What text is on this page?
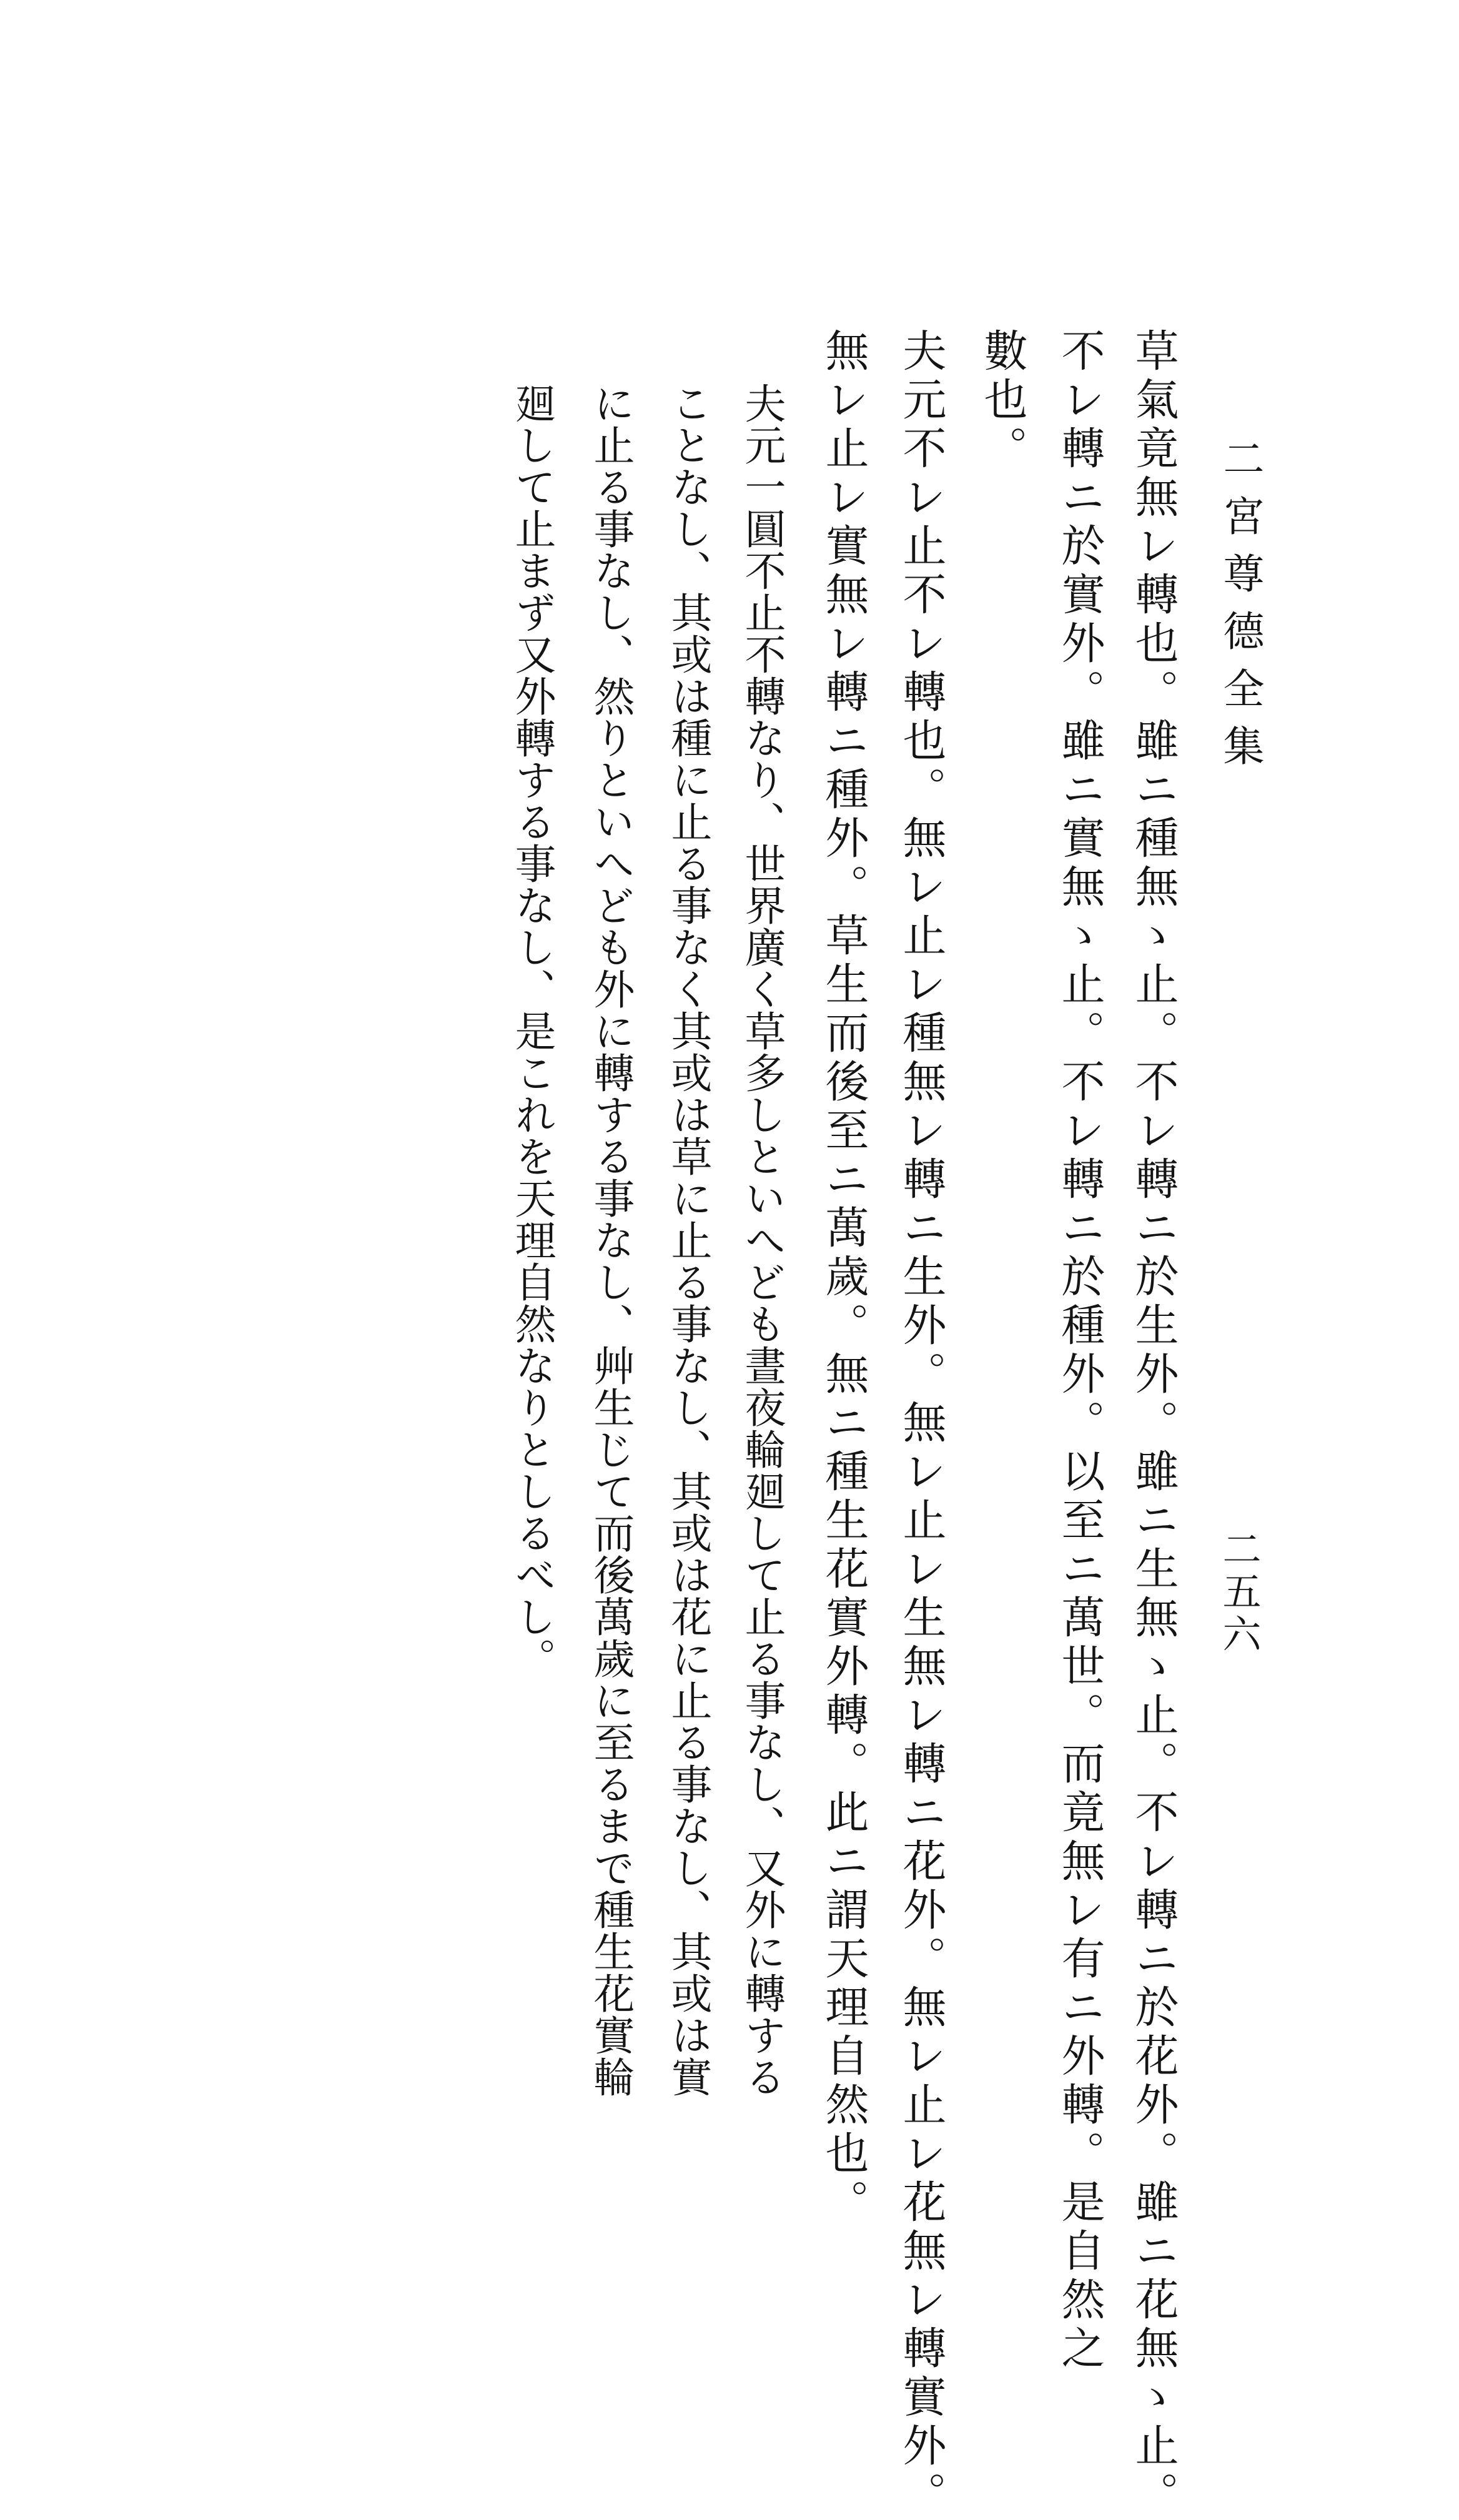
二宮尊德全集
二五六
草氣竟無レ轉也。雖ニ種無ゝ止。不レ轉ニ於生外。雖ニ生無ゝ止。不レ轉ニ於花外。雖ニ花無ゝ止。
不レ轉ニ於實外。雖ニ實無ゝ止。不レ轉ニ於種外。以至ニ萬世。而竟無レ有ニ外轉。是自然之
數也。
夫元不レ止不レ轉也。無レ止レ種無レ轉ニ生外。無レ止レ生無レ轉ニ花外。無レ止レ花無レ轉實外。
無レ止レ實無レ轉ニ種外。草生而後至ニ萬歲。無ニ種生花實外轉。此ニ謂天理自然也。
夫元一圓不止不轉なり、世界廣く草多しといへども晝夜輪廻して止る事なし、又外に轉する
ことなし、其或は種に止る事なく其或は草に止る事なし、其或は花に止る事なし、其或は實
に止る事なし、然りといへども外に轉する事なし、艸生じて而後萬歲に至るまで種生花實輪
廻して止まず又外轉する事なし、是これを天理自然なりとしるべし。
